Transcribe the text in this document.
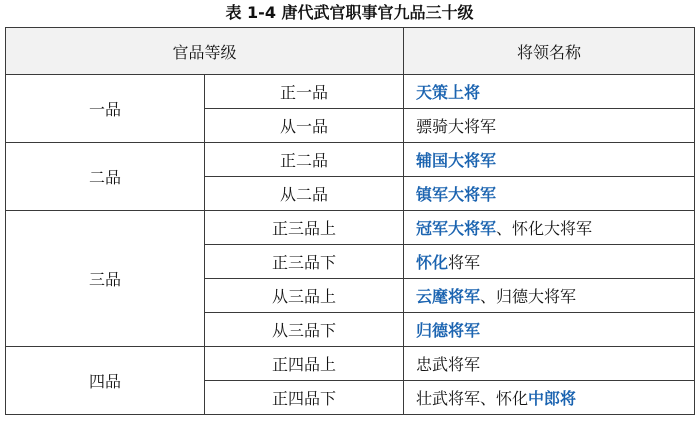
表 1-4 唐代武官职事官九品三十级
官品等级		将领名称
一品	正一品	天策上将
	从一品	骠骑大将军
二品	正二品	辅国大将军
	从二品	镇军大将军
三品	正三品上	冠军大将军、怀化大将军
	正三品下	怀化将军
	从三品上	云麾将军、归德大将军
	从三品下	归德将军
四品	正四品上	忠武将军
	正四品下	壮武将军、怀化中郎将
